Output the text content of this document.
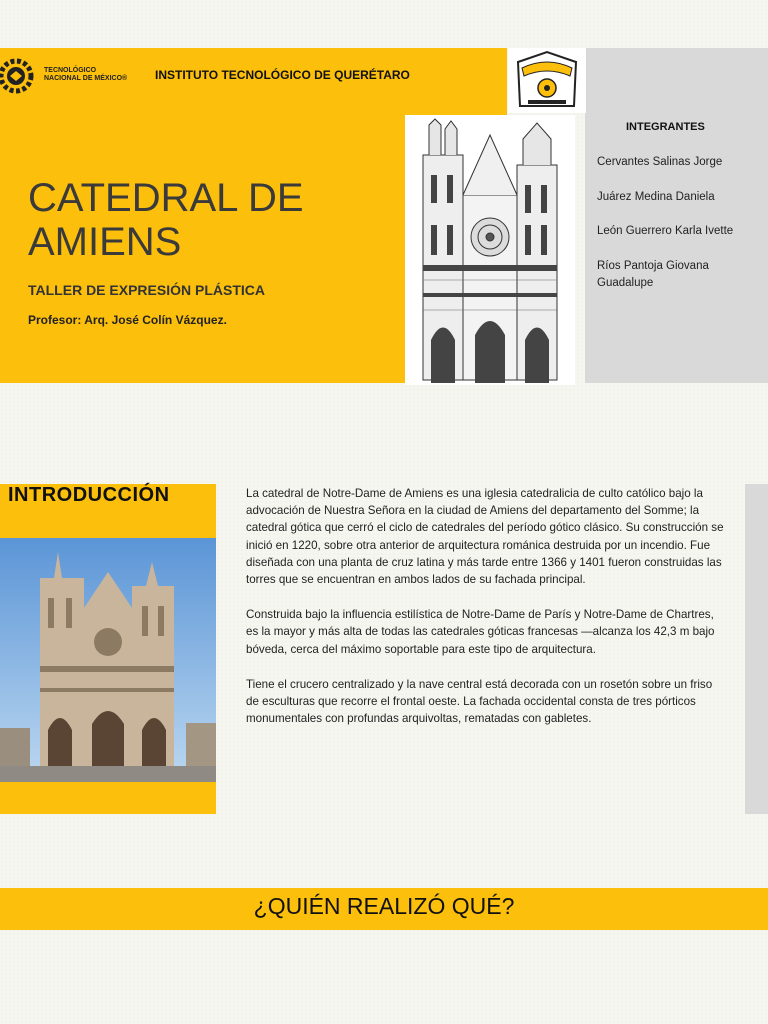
TECNOLÓGICO
NACIONAL DE MÉXICO®	INSTITUTO TECNOLÓGICO DE QUERÉTARO
CATEDRAL DE
AMIENS
TALLER DE EXPRESIÓN PLÁSTICA
Profesor: Arq. José Colín Vázquez.
INTEGRANTES
Cervantes Salinas Jorge
Juárez Medina Daniela
León Guerrero Karla Ivette
Ríos Pantoja Giovana Guadalupe
INTRODUCCIÓN	La catedral de Notre-Dame de Amiens es una iglesia catedralicia de culto católico bajo la advocación de Nuestra Señora en la ciudad de Amiens del departamento del Somme; la catedral gótica que cerró el ciclo de catedrales del período gótico clásico. Su construcción se inició en 1220, sobre otra anterior de arquitectura románica destruida por un incendio. Fue diseñada con una planta de cruz latina y más tarde entre 1366 y 1401 fueron construidas las torres que se encuentran en ambos lados de su fachada principal.

Construida bajo la influencia estilística de Notre-Dame de París y Notre-Dame de Chartres, es la mayor y más alta de todas las catedrales góticas francesas —alcanza los 42,3 m bajo bóveda, cerca del máximo soportable para este tipo de arquitectura.

Tiene el crucero centralizado y la nave central está decorada con un rosetón sobre un friso de esculturas que recorre el frontal oeste. La fachada occidental consta de tres pórticos monumentales con profundas arquivoltas, rematadas con gabletes.

¿QUIÉN REALIZÓ QUÉ?
